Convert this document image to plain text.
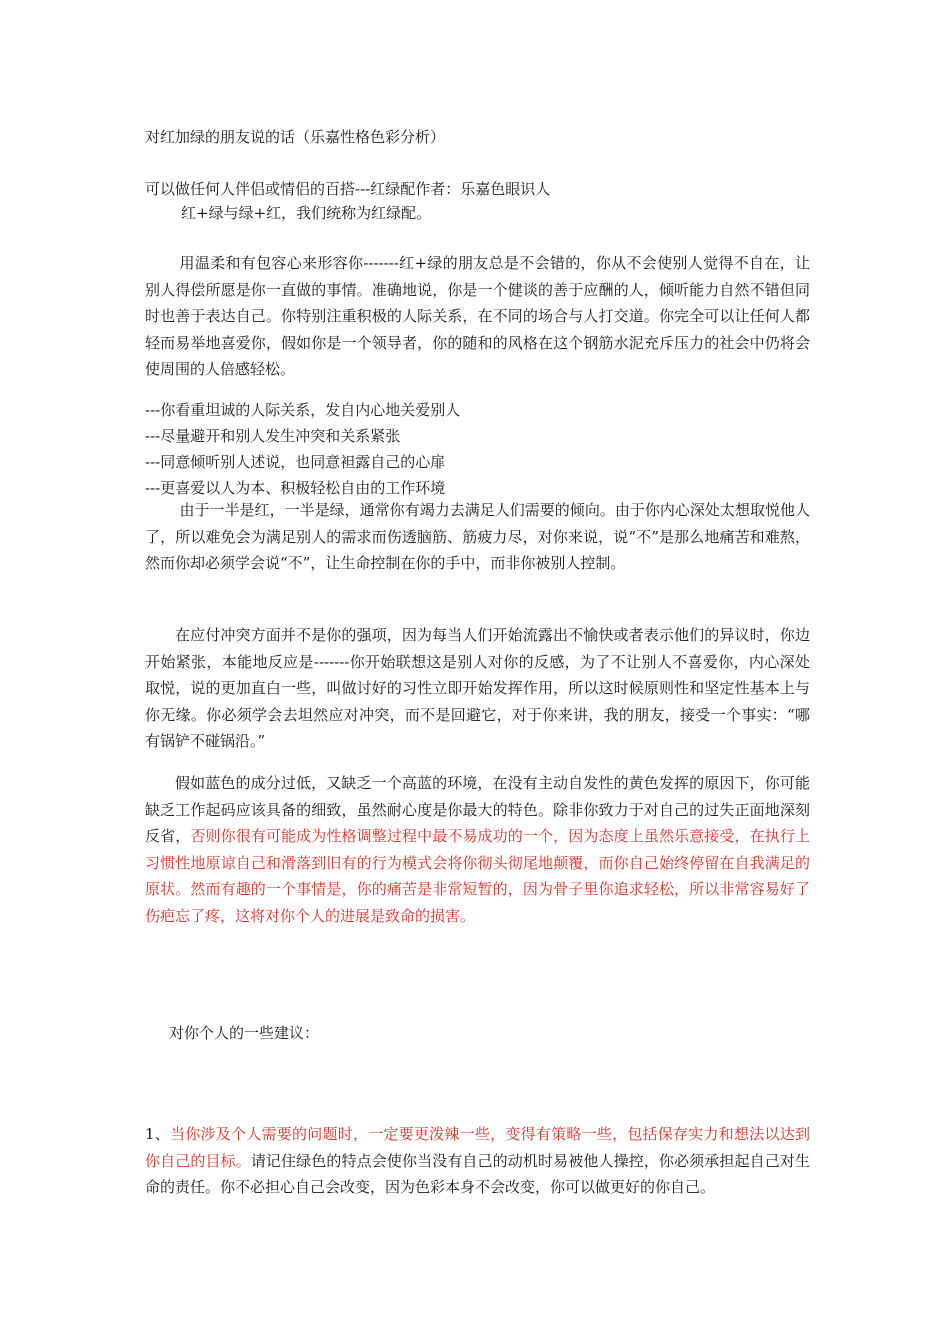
对红加绿的朋友说的话（乐嘉性格色彩分析）
可以做任何人伴侣或情侣的百搭---红绿配作者：乐嘉色眼识人
红+绿与绿+红，我们统称为红绿配。

用温柔和有包容心来形容你-------红+绿的朋友总是不会错的，你从不会使别人觉得不自在，让别人得偿所愿是你一直做的事情。准确地说，你是一个健谈的善于应酬的人，倾听能力自然不错但同时也善于表达自己。你特别注重积极的人际关系，在不同的场合与人打交道。你完全可以让任何人都轻而易举地喜爱你，假如你是一个领导者，你的随和的风格在这个钢筋水泥充斥压力的社会中仍将会使周围的人倍感轻松。

---你看重坦诚的人际关系，发自内心地关爱别人
---尽量避开和别人发生冲突和关系紧张
---同意倾听别人述说，也同意袒露自己的心扉
---更喜爱以人为本、积极轻松自由的工作环境

由于一半是红，一半是绿，通常你有竭力去满足人们需要的倾向。由于你内心深处太想取悦他人了，所以难免会为满足别人的需求而伤透脑筋、筋疲力尽，对你来说，说“不”是那么地痛苦和难熬，然而你却必须学会说“不”，让生命控制在你的手中，而非你被别人控制。

在应付冲突方面并不是你的强项，因为每当人们开始流露出不愉快或者表示他们的异议时，你边开始紧张，本能地反应是-------你开始联想这是别人对你的反感，为了不让别人不喜爱你，内心深处取悦，说的更加直白一些，叫做讨好的习性立即开始发挥作用，所以这时候原则性和坚定性基本上与你无缘。你必须学会去坦然应对冲突，而不是回避它，对于你来讲，我的朋友，接受一个事实：“哪有锅铲不碰锅沿。”

假如蓝色的成分过低，又缺乏一个高蓝的环境，在没有主动自发性的黄色发挥的原因下，你可能缺乏工作起码应该具备的细致，虽然耐心度是你最大的特色。除非你致力于对自己的过失正面地深刻反省，否则你很有可能成为性格调整过程中最不易成功的一个，因为态度上虽然乐意接受，在执行上习惯性地原谅自己和滑落到旧有的行为模式会将你彻头彻尾地颠覆，而你自己始终停留在自我满足的原状。然而有趣的一个事情是，你的痛苦是非常短暂的，因为骨子里你追求轻松，所以非常容易好了伤疤忘了疼，这将对你个人的进展是致命的损害。

对你个人的一些建议：

1、当你涉及个人需要的问题时，一定要更泼辣一些，变得有策略一些，包括保存实力和想法以达到你自己的目标。请记住绿色的特点会使你当没有自己的动机时易被他人操控，你必须承担起自己对生命的责任。你不必担心自己会改变，因为色彩本身不会改变，你可以做更好的你自己。
